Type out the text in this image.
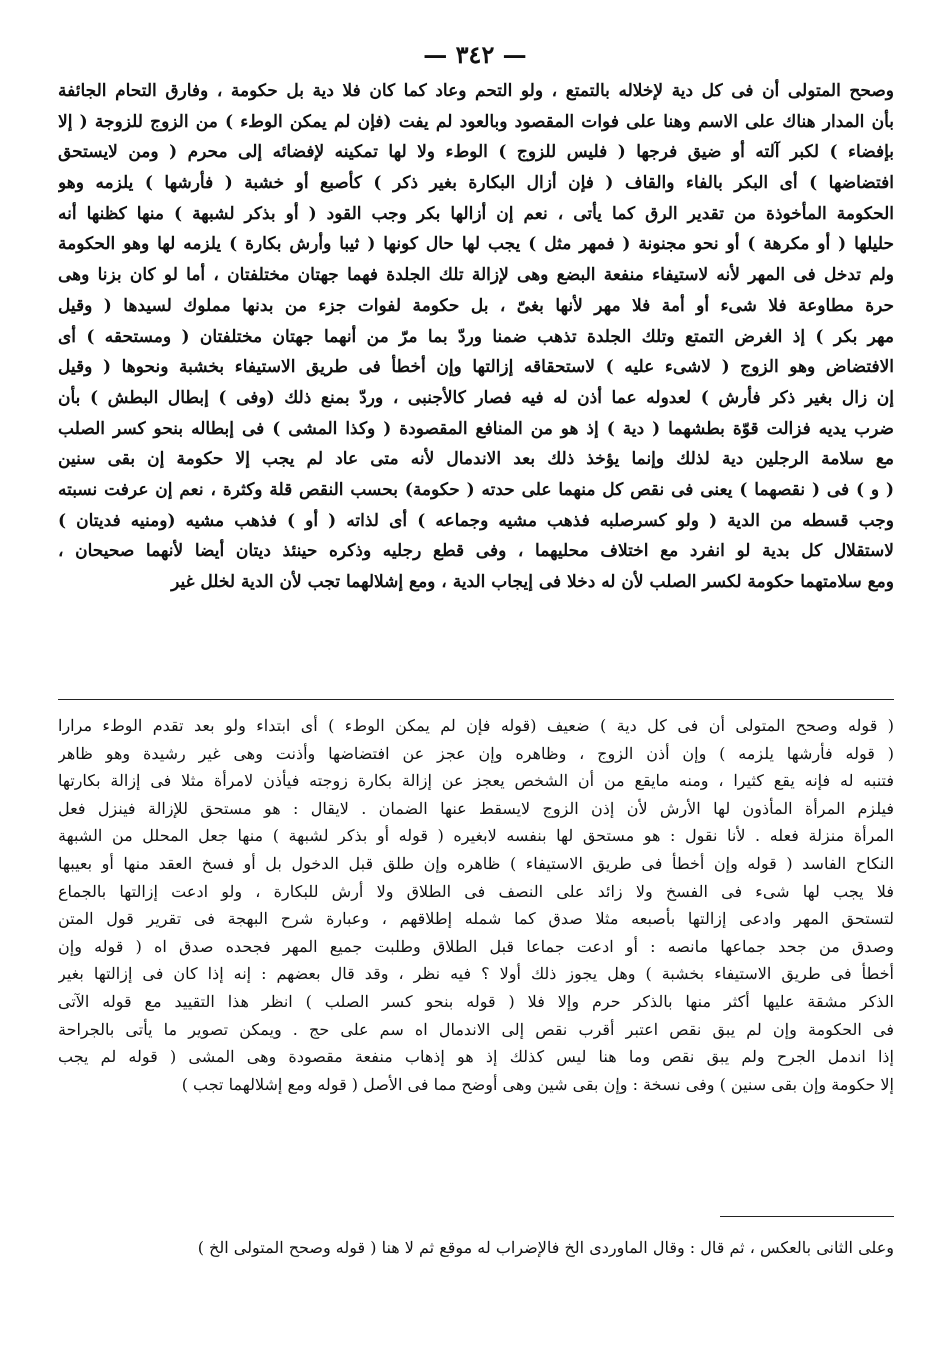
— ٣٤٢ —
وصحح المتولى أن فى كل دية لإخلاله بالتمتع ، ولو التحم وعاد كما كان فلا دية بل حكومة ، وفارق التحام الجائفة
بأن المدار هناك على الاسم وهنا على فوات المقصود وبالعود لم يفت (فإن لم يمكن الوطء ) من الزوج للزوجة ( إلا
بإفضاء ) لكبر آلته أو ضيق فرجها ( فليس للزوج ) الوطء ولا لها تمكينه لإفضائه إلى محرم ( ومن لايستحق
افتضاضها ) أى البكر بالفاء والقاف ( فإن أزال البكارة بغير ذكر ) كأصبع أو خشبة ( فأرشها ) يلزمه وهو
الحكومة المأخوذة من تقدير الرق كما يأتى ، نعم إن أزالها بكر وجب القود ( أو بذكر لشبهة ) منها كظنها أنه
حليلها ( أو مكرهة ) أو نحو مجنونة ( فمهر مثل ) يجب لها حال كونها ( ثيبا وأرش بكارة ) يلزمه لها وهو الحكومة
ولم تدخل فى المهر لأنه لاستيفاء منفعة البضع وهى لإزالة تلك الجلدة فهما جهتان مختلفتان ، أما لو كان بزنا وهى
حرة مطاوعة فلا شىء أو أمة فلا مهر لأنها بغىّ ، بل حكومة لفوات جزء من بدنها مملوك لسيدها ( وقيل
مهر بكر ) إذ الغرض التمتع وتلك الجلدة تذهب ضمنا وردّ بما مرّ من أنهما جهتان مختلفتان ( ومستحقه ) أى
الافتضاض وهو الزوج ( لاشىء عليه ) لاستحقاقه إزالتها وإن أخطأ فى طريق الاستيفاء بخشبة ونحوها ( وقيل
إن زال بغير ذكر فأرش ) لعدوله عما أذن له فيه فصار كالأجنبى ، وردّ بمنع ذلك (وفى ) إبطال البطش ) بأن
ضرب يديه فزالت قوّة بطشهما ( دية ) إذ هو من المنافع المقصودة ( وكذا المشى ) فى إبطاله بنحو كسر الصلب
مع سلامة الرجلين دية لذلك وإنما يؤخذ ذلك بعد الاندمال لأنه متى عاد لم يجب إلا حكومة إن بقى سنين
( و ) فى ( نقصهما ) يعنى فى نقص كل منهما على حدته ( حكومة) بحسب النقص قلة وكثرة ، نعم إن عرفت نسبته
وجب قسطه من الدية ( ولو كسرصلبه فذهب مشيه وجماعه ) أى لذاته ( أو ) فذهب مشيه (ومنيه فديتان )
لاستقلال كل بدية لو انفرد مع اختلاف محليهما ، وفى قطع رجليه وذكره حينئذ ديتان أيضا لأنهما صحيحان ،
ومع سلامتهما حكومة لكسر الصلب لأن له دخلا فى إيجاب الدية ، ومع إشلالهما تجب لأن الدية لخلل غير
( قوله وصحح المتولى أن فى كل دية ) ضعيف (قوله فإن لم يمكن الوطء ) أى ابتداء ولو بعد تقدم الوطء مرارا
( قوله فأرشها يلزمه ) وإن أذن الزوج ، وظاهره وإن عجز عن افتضاضها وأذنت وهى غير رشيدة وهو ظاهر
فتنبه له فإنه يقع كثيرا ، ومنه مايقع من أن الشخص يعجز عن إزالة بكارة زوجته فيأذن لامرأة مثلا فى إزالة بكارتها
فيلزم المرأة المأذون لها الأرش لأن إذن الزوج لايسقط عنها الضمان . لايقال : هو مستحق للإزالة فينزل فعل
المرأة منزلة فعله . لأنا نقول : هو مستحق لها بنفسه لابغيره ( قوله أو بذكر لشبهة ) منها جعل المحلل من الشبهة
النكاح الفاسد ( قوله وإن أخطأ فى طريق الاستيفاء ) ظاهره وإن طلق قبل الدخول بل أو فسخ العقد منها أو بعيبها
فلا يجب لها شىء فى الفسخ ولا زائد على النصف فى الطلاق ولا أرش للبكارة ، ولو ادعت إزالتها بالجماع
لتستحق المهر وادعى إزالتها بأصبعه مثلا صدق كما شمله إطلاقهم ، وعبارة شرح البهجة فى تقرير قول المتن
وصدق من جحد جماعها مانصه : أو ادعت جماعا قبل الطلاق وطلبت جميع المهر فجحده صدق اه ( قوله وإن
أخطأ فى طريق الاستيفاء بخشبة ) وهل يجوز ذلك أولا ؟ فيه نظر ، وقد قال بعضهم : إنه إذا كان فى إزالتها بغير
الذكر مشقة عليها أكثر منها بالذكر حرم وإلا فلا ( قوله بنحو كسر الصلب ) انظر هذا التقييد مع قوله الآتى
فى الحكومة وإن لم يبق نقص اعتبر أقرب نقص إلى الاندمال اه سم على حج . ويمكن تصوير ما يأتى بالجراحة
إذا اندمل الجرح ولم يبق نقص وما هنا ليس كذلك إذ هو إذهاب منفعة مقصودة وهى المشى ( قوله لم يجب
إلا حكومة وإن بقى سنين ) وفى نسخة : وإن بقى شين وهى أوضح مما فى الأصل ( قوله ومع إشلالهما تجب )
وعلى الثانى بالعكس ، ثم قال : وقال الماوردى الخ فالإضراب له موقع ثم لا هنا ( قوله وصحح المتولى الخ )
